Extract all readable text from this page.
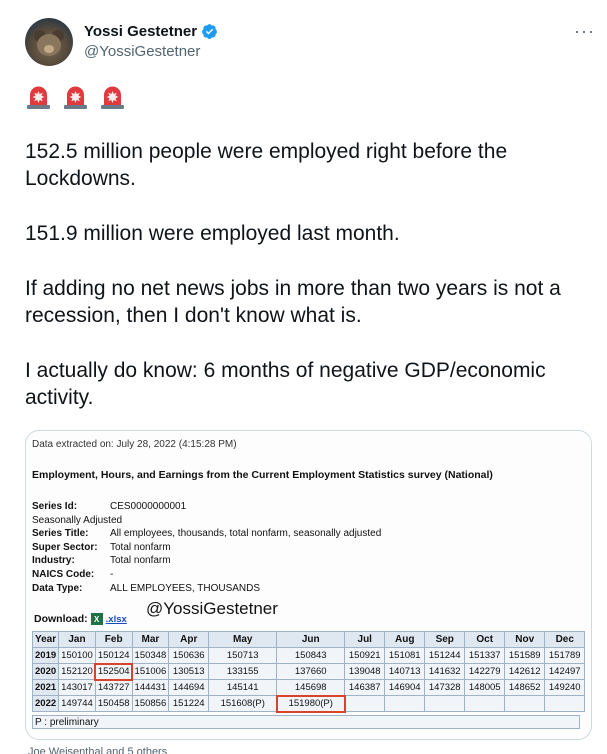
Yossi Gestetner
@YossiGestetner
···

152.5 million people were employed right before the Lockdowns.

151.9 million were employed last month.

If adding no net news jobs in more than two years is not a recession, then I don't know what is.

I actually do know: 6 months of negative GDP/economic activity.

Data extracted on: July 28, 2022 (4:15:28 PM)
Employment, Hours, and Earnings from the Current Employment Statistics survey (National)
Series Id:	CES0000000001
Seasonally Adjusted
Series Title:	All employees, thousands, total nonfarm, seasonally adjusted
Super Sector:	Total nonfarm
Industry:	Total nonfarm
NAICS Code:	-
Data Type:	ALL EMPLOYEES, THOUSANDS
Download: X .xlsx
@YossiGestetner
Year	Jan	Feb	Mar	Apr	May	Jun	Jul	Aug	Sep	Oct	Nov	Dec
2019	150100	150124	150348	150636	150713	150843	150921	151081	151244	151337	151589	151789
2020	152120	152504	151006	130513	133155	137660	139048	140713	141632	142279	142612	142497
2021	143017	143727	144431	144694	145141	145698	146387	146904	147328	148005	148652	149240
2022	149744	150458	150856	151224	151608(P)	151980(P)						
P : preliminary
Joe Weisenthal and 5 others
